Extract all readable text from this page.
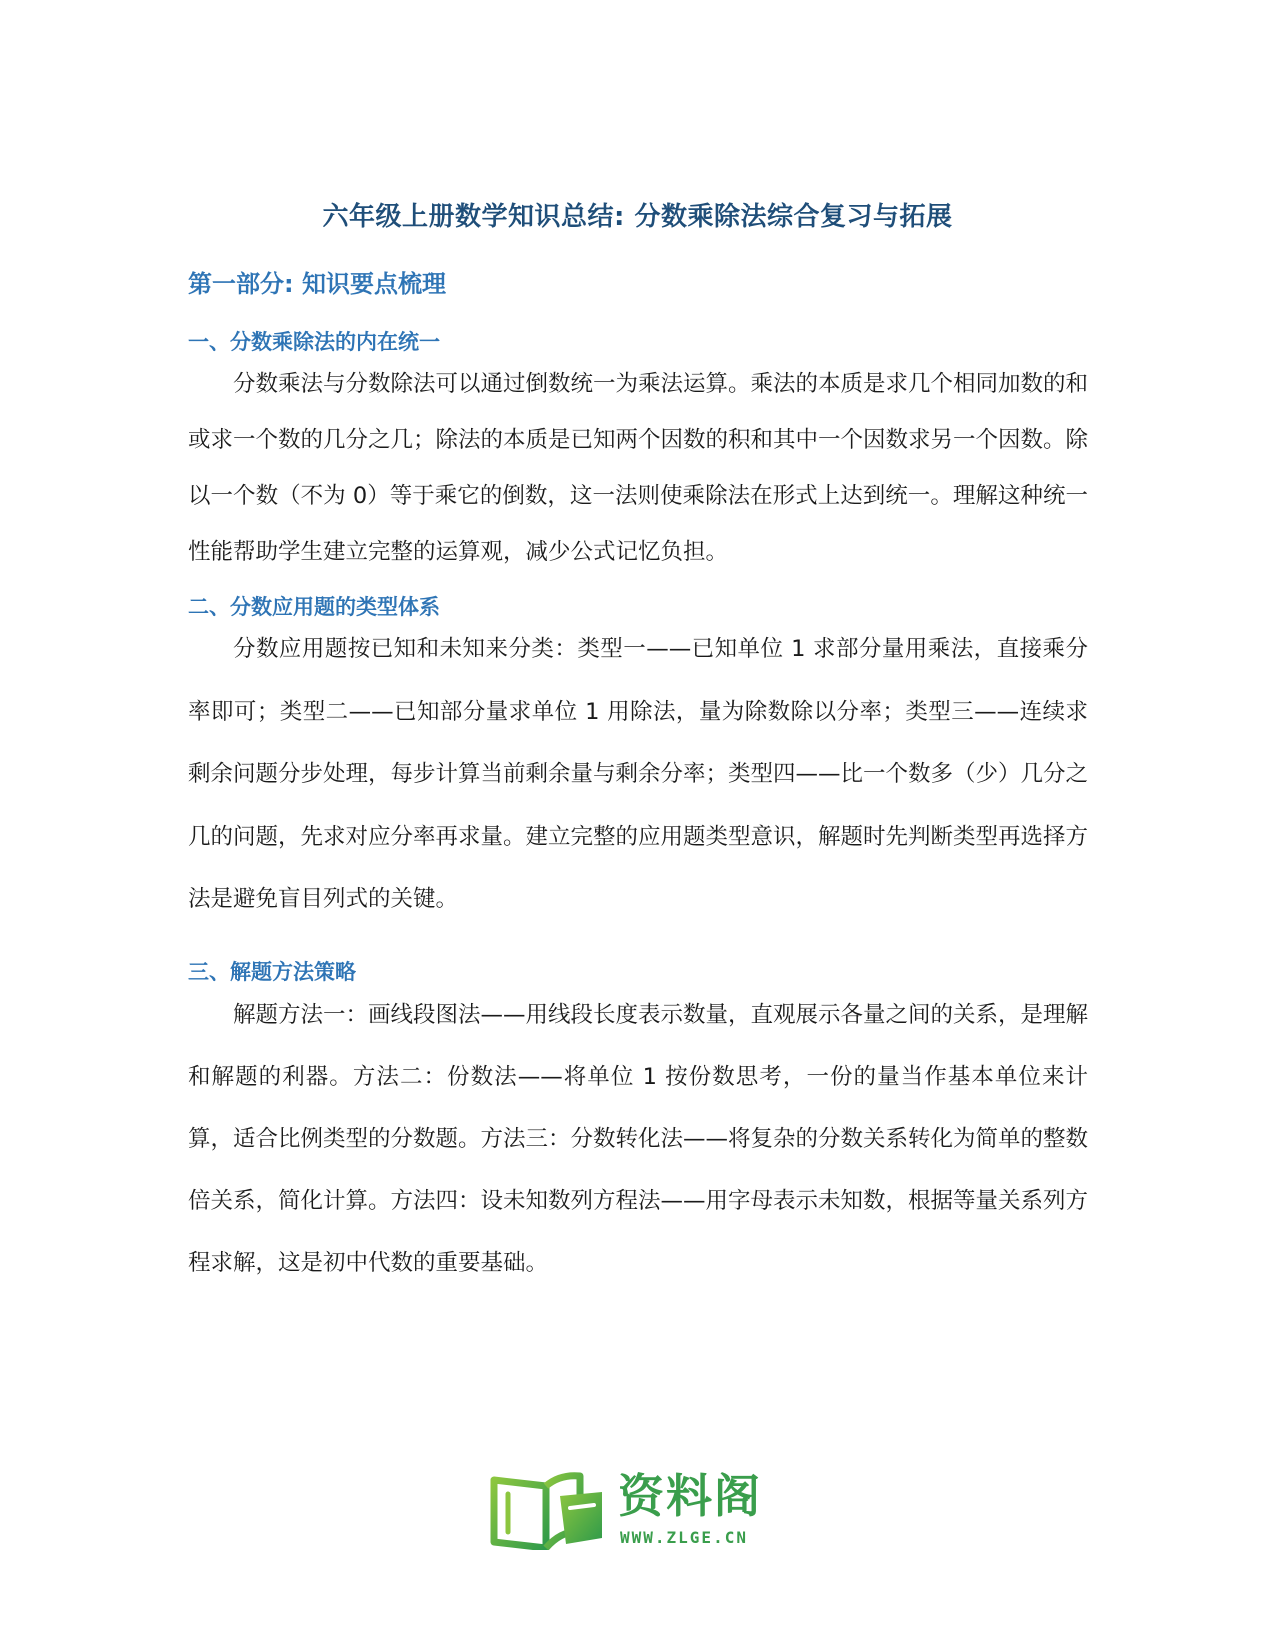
六年级上册数学知识总结: 分数乘除法综合复习与拓展
第一部分: 知识要点梳理
一、分数乘除法的内在统一

分数乘法与分数除法可以通过倒数统一为乘法运算。乘法的本质是求几个相同加数的和或求一个数的几分之几；除法的本质是已知两个因数的积和其中一个因数求另一个因数。除以一个数（不为 0）等于乘它的倒数，这一法则使乘除法在形式上达到统一。理解这种统一性能帮助学生建立完整的运算观，减少公式记忆负担。

二、分数应用题的类型体系

分数应用题按已知和未知来分类：类型一——已知单位 1 求部分量用乘法，直接乘分率即可；类型二——已知部分量求单位 1 用除法，量为除数除以分率；类型三——连续求剩余问题分步处理，每步计算当前剩余量与剩余分率；类型四——比一个数多（少）几分之几的问题，先求对应分率再求量。建立完整的应用题类型意识，解题时先判断类型再选择方法是避免盲目列式的关键。

三、解题方法策略

解题方法一：画线段图法——用线段长度表示数量，直观展示各量之间的关系，是理解和解题的利器。方法二：份数法——将单位 1 按份数思考，一份的量当作基本单位来计算，适合比例类型的分数题。方法三：分数转化法——将复杂的分数关系转化为简单的整数倍关系，简化计算。方法四：设未知数列方程法——用字母表示未知数，根据等量关系列方程求解，这是初中代数的重要基础。

资料阁
WWW.ZLGE.CN
